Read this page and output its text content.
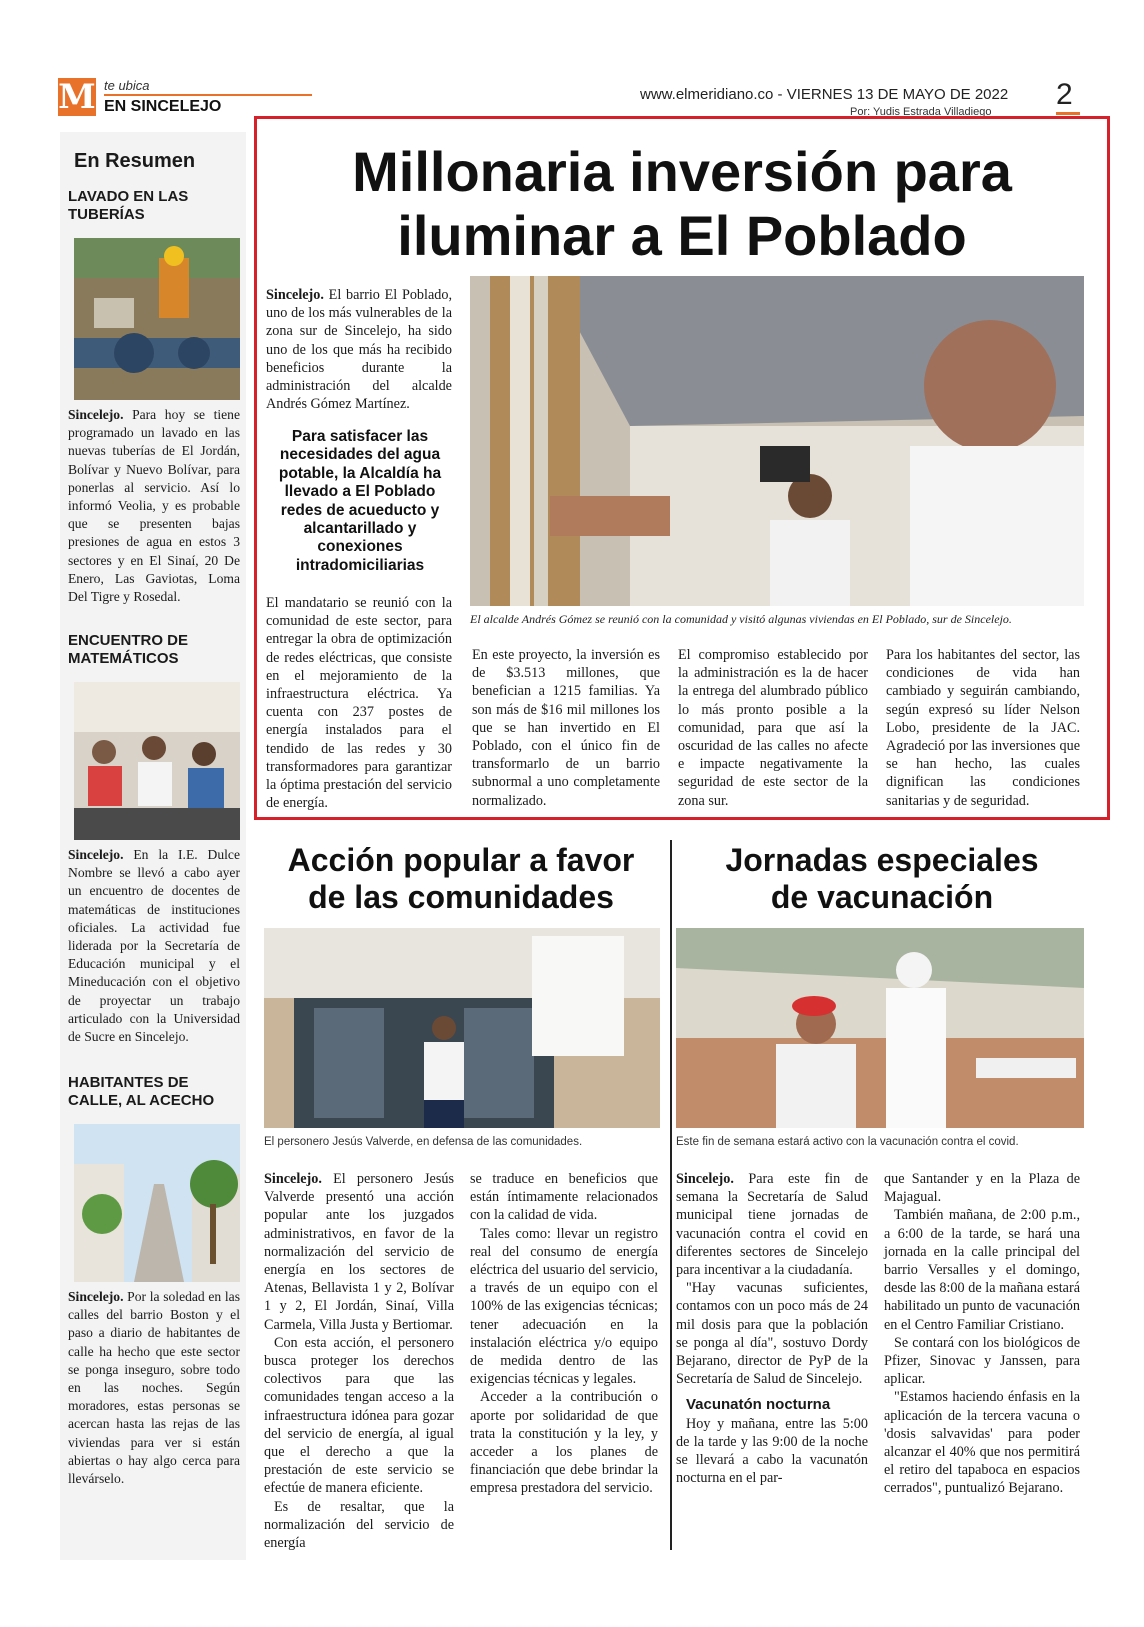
M te ubica
EN SINCELEJO
www.elmeridiano.co - VIERNES 13 DE MAYO DE 2022
Por: Yudis Estrada Villadiego
2
En Resumen
LAVADO EN LAS TUBERÍAS
Sincelejo. Para hoy se tiene programado un lavado en las nuevas tuberías de El Jordán, Bolívar y Nuevo Bolívar, para ponerlas al servicio. Así lo informó Veolia, y es probable que se presenten bajas presiones de agua en estos 3 sectores y en El Sinaí, 20 De Enero, Las Gaviotas, Loma Del Tigre y Rosedal.
ENCUENTRO DE MATEMÁTICOS
Sincelejo. En la I.E. Dulce Nombre se llevó a cabo ayer un encuentro de docentes de matemáticas de instituciones oficiales. La actividad fue liderada por la Secretaría de Educación municipal y el Mineducación con el objetivo de proyectar un trabajo articulado con la Universidad de Sucre en Sincelejo.
HABITANTES DE CALLE, AL ACECHO
Sincelejo. Por la soledad en las calles del barrio Boston y el paso a diario de habitantes de calle ha hecho que este sector se ponga inseguro, sobre todo en las noches. Según moradores, estas personas se acercan hasta las rejas de las viviendas para ver si están abiertas o hay algo cerca para llevárselo.
Millonaria inversión para
iluminar a El Poblado
Sincelejo. El barrio El Poblado, uno de los más vulnerables de la zona sur de Sincelejo, ha sido uno de los que más ha recibido beneficios durante la administración del alcalde Andrés Gómez Martínez.
Para satisfacer las necesidades del agua potable, la Alcaldía ha llevado a El Poblado redes de acueducto y alcantarillado y conexiones intradomiciliarias
El alcalde Andrés Gómez se reunió con la comunidad y visitó algunas viviendas en El Poblado, sur de Sincelejo.
El mandatario se reunió con la comunidad de este sector, para entregar la obra de optimización de redes eléctricas, que consiste en el mejoramiento de la infraestructura eléctrica. Ya cuenta con 237 postes de energía instalados para el tendido de las redes y 30 transformadores para garantizar la óptima prestación del servicio de energía.
En este proyecto, la inversión es de $3.513 millones, que benefician a 1215 familias. Ya son más de $16 mil millones los que se han invertido en El Poblado, con el único fin de transformarlo de un barrio subnormal a uno completamente normalizado.
El compromiso establecido por la administración es la de hacer la entrega del alumbrado público lo más pronto posible a la comunidad, para que así la oscuridad de las calles no afecte e impacte negativamente la seguridad de este sector de la zona sur.
Para los habitantes del sector, las condiciones de vida han cambiado y seguirán cambiando, según expresó su líder Nelson Lobo, presidente de la JAC. Agradeció por las inversiones que se han hecho, las cuales dignifican las condiciones sanitarias y de seguridad.
Acción popular a favor
de las comunidades
El personero Jesús Valverde, en defensa de las comunidades.
Sincelejo. El personero Jesús Valverde presentó una acción popular ante los juzgados administrativos, en favor de la normalización del servicio de energía en los sectores de Atenas, Bellavista 1 y 2, Bolívar 1 y 2, El Jordán, Sinaí, Villa Carmela, Villa Justa y Bertiomar.
Con esta acción, el personero busca proteger los derechos colectivos para que las comunidades tengan acceso a la infraestructura idónea para gozar del servicio de energía, al igual que el derecho a que la prestación de este servicio se efectúe de manera eficiente.
Es de resaltar, que la normalización del servicio de energía
se traduce en beneficios que están íntimamente relacionados con la calidad de vida.
Tales como: llevar un registro real del consumo de energía eléctrica del usuario del servicio, a través de un equipo con el 100% de las exigencias técnicas; tener adecuación en la instalación eléctrica y/o equipo de medida dentro de las exigencias técnicas y legales.
Acceder a la contribución o aporte por solidaridad de que trata la constitución y la ley, y acceder a los planes de financiación que debe brindar la empresa prestadora del servicio.
Jornadas especiales
de vacunación
Este fin de semana estará activo con la vacunación contra el covid.
Sincelejo. Para este fin de semana la Secretaría de Salud municipal tiene jornadas de vacunación contra el covid en diferentes sectores de Sincelejo para incentivar a la ciudadanía.
"Hay vacunas suficientes, contamos con un poco más de 24 mil dosis para que la población se ponga al día", sostuvo Dordy Bejarano, director de PyP de la Secretaría de Salud de Sincelejo.
Vacunatón nocturna
Hoy y mañana, entre las 5:00 de la tarde y las 9:00 de la noche se llevará a cabo la vacunatón nocturna en el par-
que Santander y en la Plaza de Majagual.
También mañana, de 2:00 p.m., a 6:00 de la tarde, se hará una jornada en la calle principal del barrio Versalles y el domingo, desde las 8:00 de la mañana estará habilitado un punto de vacunación en el Centro Familiar Cristiano.
Se contará con los biológicos de Pfizer, Sinovac y Janssen, para aplicar.
"Estamos haciendo énfasis en la aplicación de la tercera vacuna o 'dosis salvavidas' para poder alcanzar el 40% que nos permitirá el retiro del tapaboca en espacios cerrados", puntualizó Bejarano.
